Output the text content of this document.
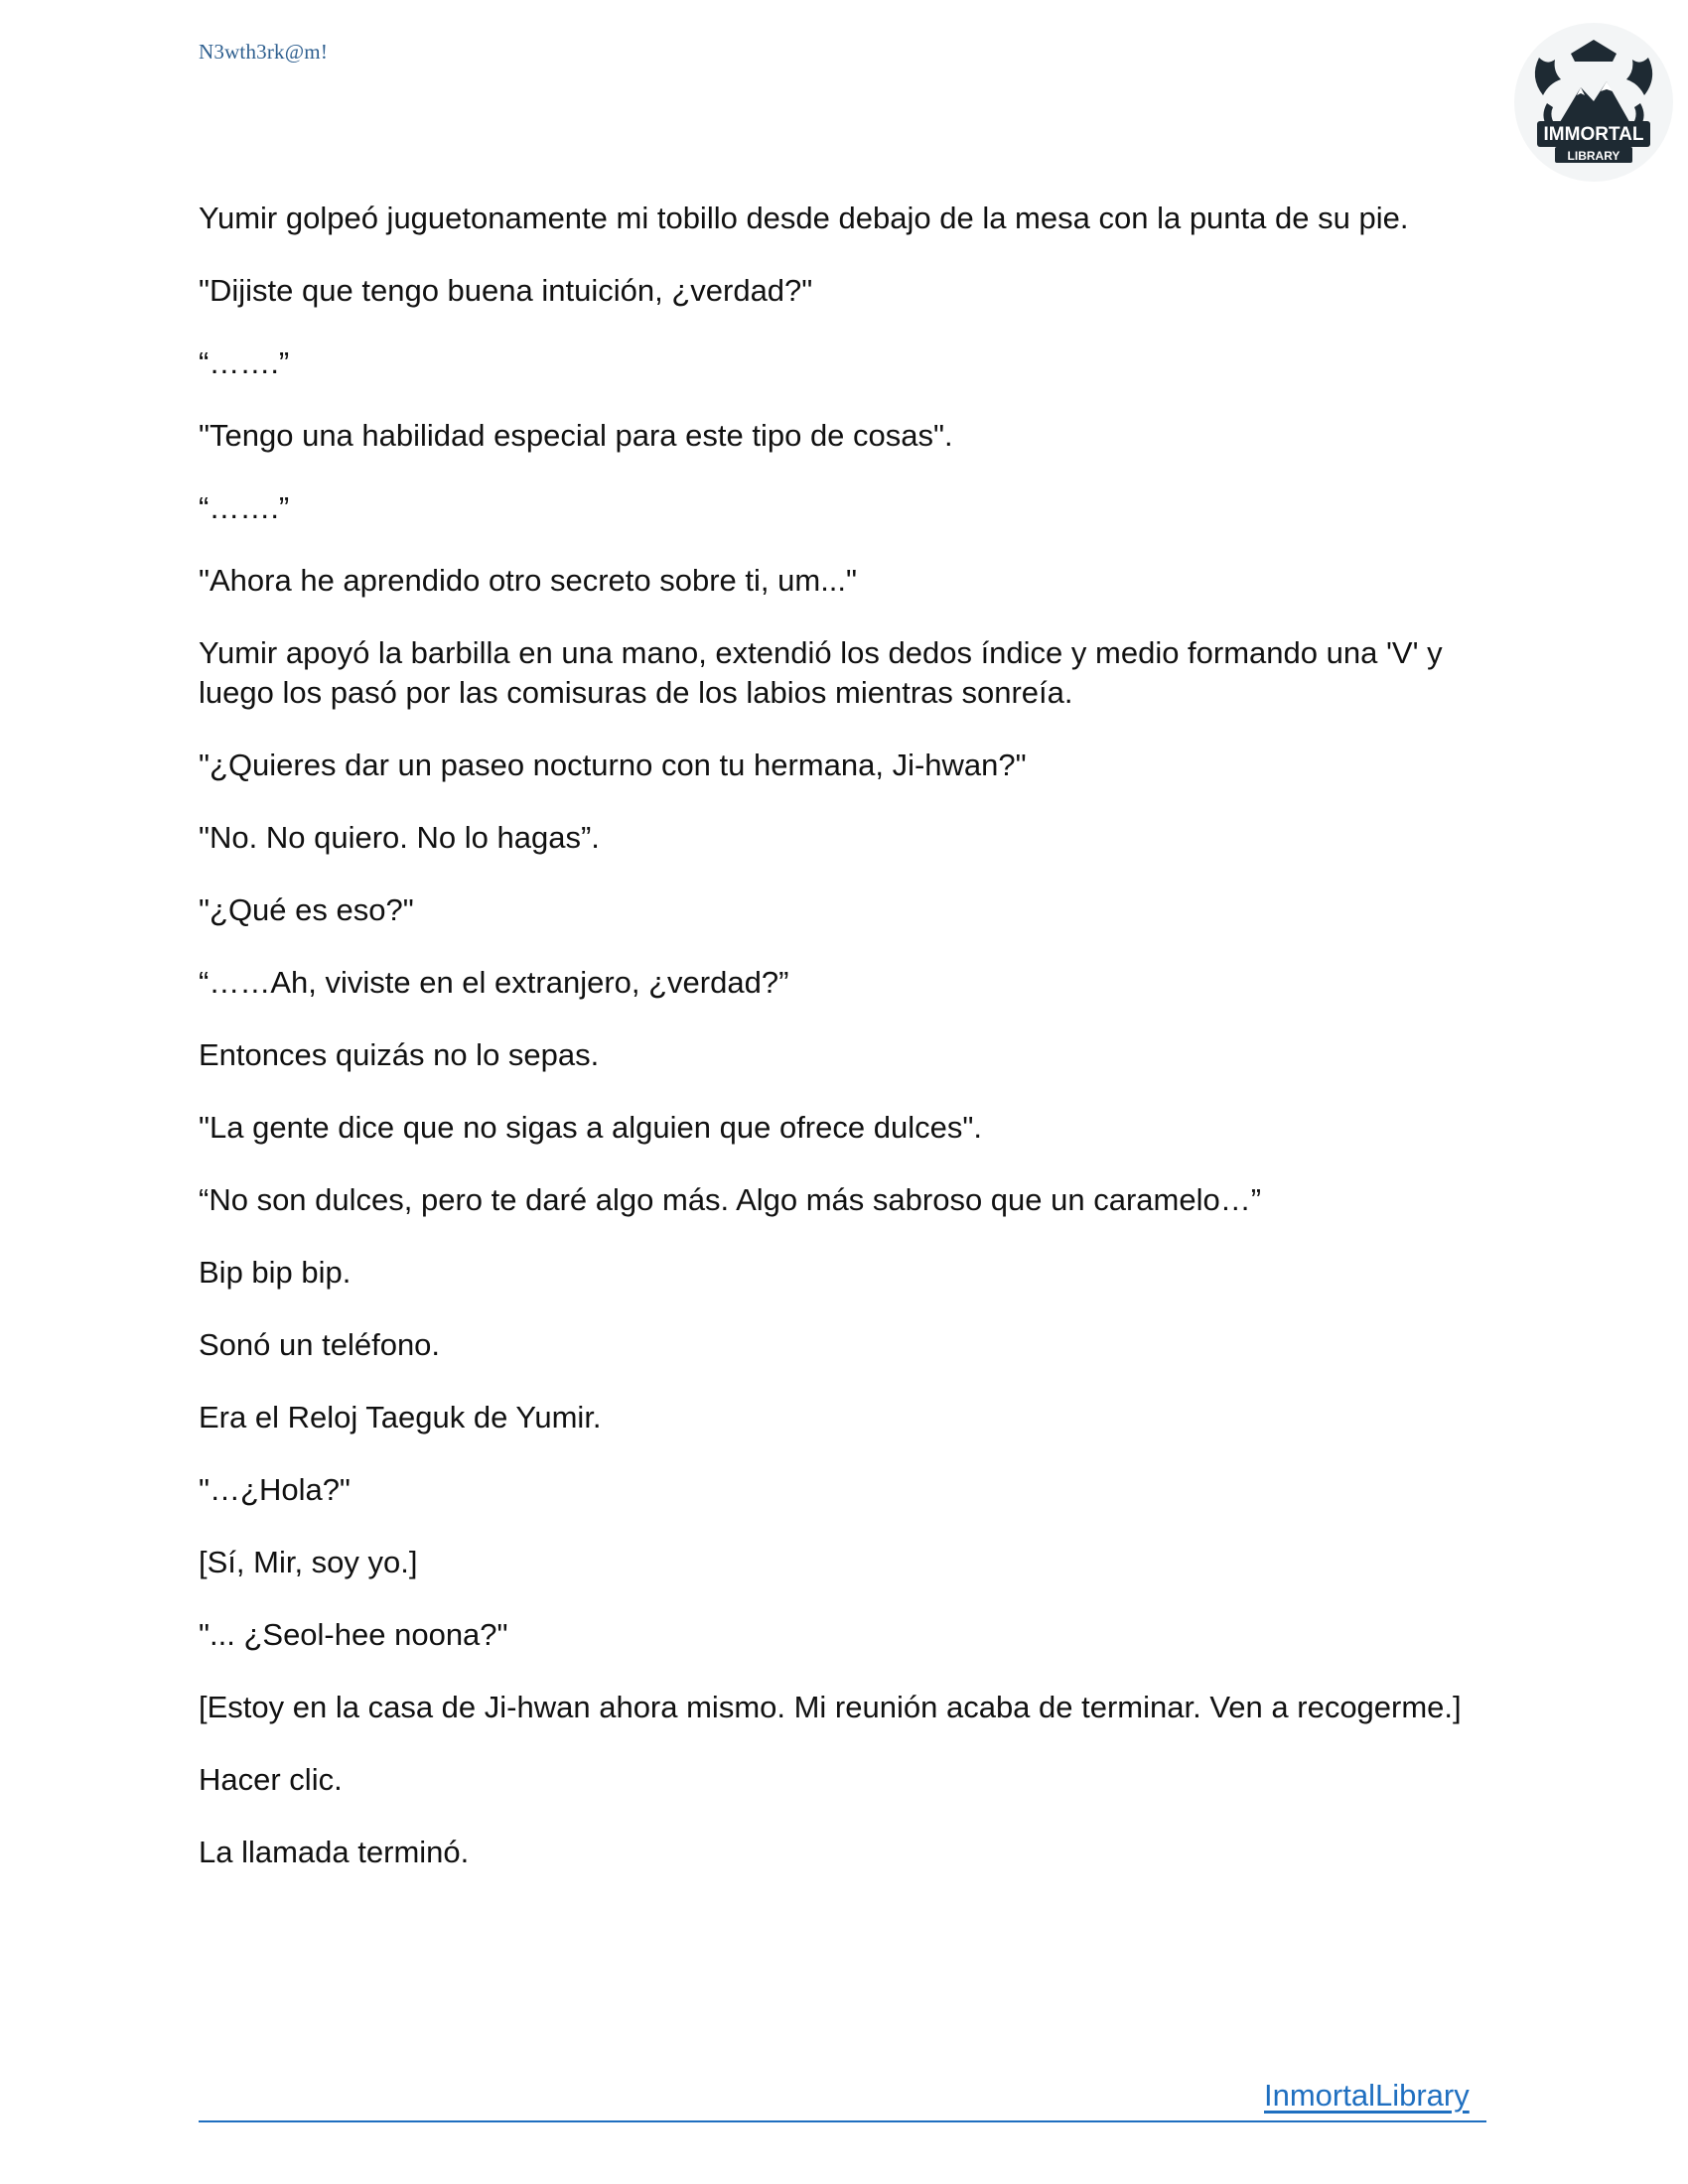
N3wth3rk@m!
IMMORTAL
LIBRARY

Yumir golpeó juguetonamente mi tobillo desde debajo de la mesa con la punta de su pie.

"Dijiste que tengo buena intuición, ¿verdad?"

“…….”

"Tengo una habilidad especial para este tipo de cosas".

“…….”

"Ahora he aprendido otro secreto sobre ti, um..."

Yumir apoyó la barbilla en una mano, extendió los dedos índice y medio formando una 'V' y luego los pasó por las comisuras de los labios mientras sonreía.

"¿Quieres dar un paseo nocturno con tu hermana, Ji-hwan?"

"No. No quiero. No lo hagas”.

"¿Qué es eso?"

“……Ah, viviste en el extranjero, ¿verdad?”

Entonces quizás no lo sepas.

"La gente dice que no sigas a alguien que ofrece dulces".

“No son dulces, pero te daré algo más. Algo más sabroso que un caramelo…”

Bip bip bip.

Sonó un teléfono.

Era el Reloj Taeguk de Yumir.

"…¿Hola?"

[Sí, Mir, soy yo.]

"... ¿Seol-hee noona?"

[Estoy en la casa de Ji-hwan ahora mismo. Mi reunión acaba de terminar. Ven a recogerme.]

Hacer clic.

La llamada terminó.

InmortalLibrary
